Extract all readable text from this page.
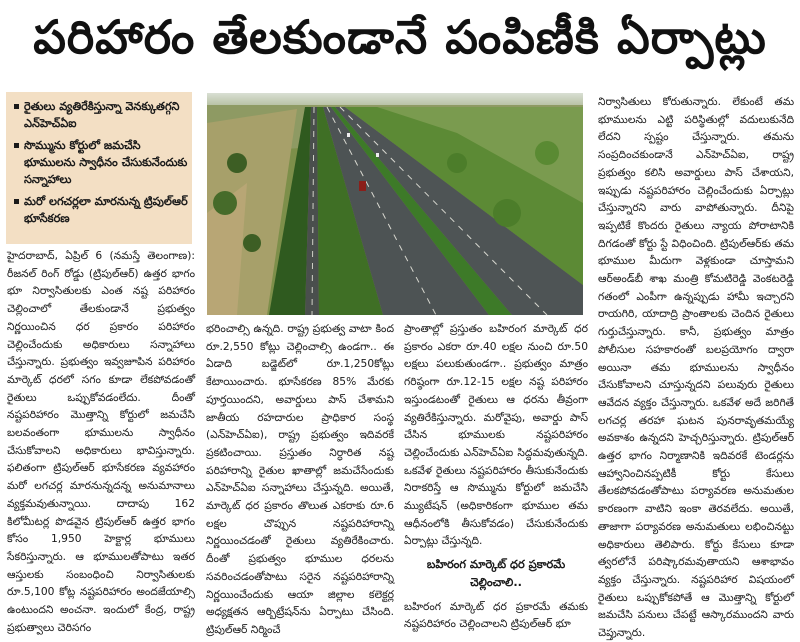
పరిహారం తేలకుండానే పంపిణీకి ఏర్పాట్లు
రైతులు వ్యతిరేకిస్తున్నా వెనక్కుతగ్గని ఎన్‌హెచ్‌ఏఐ
సొమ్మును కోర్టులో జమచేసి భూములను స్వాధీనం చేసుకునేందుకు సన్నాహాలు
మరో లగచర్లలా మారనున్న ట్రిపుల్‌ఆర్‌ భూసేకరణ

హైదరాబాద్‌, ఏప్రిల్‌ 6 (నమస్తే తెలంగాణ): రీజనల్‌ రింగ్‌ రోడ్డు (ట్రిపుల్‌ఆర్‌) ఉత్తర భాగం భూ నిర్వాసితులకు ఎంత నష్ట పరిహారం చెల్లించాలో తేలకుండానే ప్రభుత్వం నిర్ణయించిన ధర ప్రకారం పరిహారం చెల్లించేందుకు అధికారులు సన్నాహాలు చేస్తున్నారు. ప్రభుత్వం ఇవ్వజూపిన పరిహారం మార్కెట్‌ ధరలో సగం కూడా లేకపోవడంతో రైతులు ఒప్పుకోవడంలేదు. దీంతో నష్టపరిహారం మొత్తాన్ని కోర్టులో జమచేసి బలవంతంగా భూములను స్వాధీనం చేసుకోవాలని అధికారులు భావిస్తున్నారు. ఫలితంగా ట్రిపుల్‌ఆర్‌ భూసేకరణ వ్యవహారం మరో లగచర్ల మారనున్నదన్న అనుమానాలు వ్యక్తమవుతున్నాయి. దాదాపు 162 కిలోమీటర్ల పొడవైన ట్రిపుల్‌ఆర్‌ ఉత్తర భాగం కోసం 1,950 హెక్టార్ల భూములు సేకరిస్తున్నారు. ఆ భూములతోపాటు ఇతర ఆస్తులకు సంబంధించి నిర్వాసితులకు రూ.5,100 కోట్ల నష్టపరిహారం అందజేయాల్సి ఉంటుందని అంచనా. ఇందులో కేంద్ర, రాష్ట్ర ప్రభుత్వాలు చెరిసగం

భరించాల్సి ఉన్నది. రాష్ట్ర ప్రభుత్వ వాటా కింద రూ.2,550 కోట్లు చెల్లించాల్సి ఉండగా.. ఈ ఏడాది బడ్జెట్‌లో రూ.1,250కోట్లు కేటాయించారు. భూసేకరణ 85% మేరకు పూర్తయిందని, అవార్డులు పాస్‌ చేశామని జాతీయ రహదారుల ప్రాధికార సంస్థ (ఎన్‌హెచ్‌ఏఐ), రాష్ట్ర ప్రభుత్వం ఇదివరకే ప్రకటించాయి. ప్రస్తుతం నిర్ధారిత నష్ట పరిహారాన్ని రైతుల ఖాతాల్లో జమచేసేందుకు ఎన్‌హెచ్‌ఏఐ సన్నాహాలు చేస్తున్నది. అయితే, మార్కెట్‌ ధర ప్రకారం తొలుత ఎకరాకు రూ.6 లక్షల చొప్పున నష్టపరిహారాన్ని నిర్ణయించడంతో రైతులు వ్యతిరేకించారు. దీంతో ప్రభుత్వం భూముల ధరలను సవరించడంతోపాటు సరైన నష్టపరిహారాన్ని నిర్ణయించేందుకు ఆయా జిల్లాల కలెక్టర్ల అధ్యక్షతన ఆర్బిట్రేషన్‌ను ఏర్పాటు చేసింది. ట్రిపుల్‌ఆర్‌ నిర్మించే

ప్రాంతాల్లో ప్రస్తుతం బహిరంగ మార్కెట్‌ ధర ప్రకారం ఎకరా రూ.40 లక్షల నుంచి రూ.50 లక్షలు పలుకుతుండగా.. ప్రభుత్వం మాత్రం గరిష్ఠంగా రూ.12-15 లక్షల నష్ట పరిహారం ఇస్తుండటంతో రైతులు ఆ ధరను తీవ్రంగా వ్యతిరేకిస్తున్నారు. మరోవైపు, అవార్డు పాస్‌ చేసిన భూములకు నష్టపరిహారం చెల్లించేందుకు ఎన్‌హెచ్‌ఏఐ సిద్ధమవుతున్నది. ఒకవేళ రైతులు నష్టపరిహారం తీసుకునేందుకు నిరాకరిస్తే ఆ సొమ్మును కోర్టులో జమచేసి మ్యుటేషన్‌ (అధికారికంగా భూముల తమ ఆధీనంలోకి తీసుకోవడం) చేసుకునేందుకు ఏర్పాట్లు చేస్తున్నది.

బహిరంగ మార్కెట్‌ ధర ప్రకారమే చెల్లించాలి..

బహిరంగ మార్కెట్‌ ధర ప్రకారమే తమకు నష్టపరిహారం చెల్లించాలని ట్రిపుల్‌ఆర్‌ భూ

నిర్వాసితులు కోరుతున్నారు. లేకుంటే తమ భూములను ఎట్టి పరిస్థితుల్లో వదులుకునేది లేదని స్పష్టం చేస్తున్నారు. తమను సంప్రదించకుండానే ఎన్‌హెచ్‌ఏఐ, రాష్ట్ర ప్రభుత్వం కలిసి అవార్డులు పాస్‌ చేశాయని, ఇప్పుడు నష్టపరిహారం చెల్లించేందుకు ఏర్పాట్లు చేస్తున్నారని వారు వాపోతున్నారు. దీనిపై ఇప్పటికే కొందరు రైతులు న్యాయ పోరాటానికి దిగడంతో కోర్టు స్టే విధించింది. ట్రిపుల్‌ఆర్‌కు తమ భూముల మీదుగా వెళ్లకుండా చూస్తామని ఆర్‌అండ్‌బీ శాఖ మంత్రి కోమటిరెడ్డి వెంకటరెడ్డి గతంలో ఎంపీగా ఉన్నప్పుడు హామీ ఇచ్చారని రాయగిరి, యాదాద్రి ప్రాంతాలకు చెందిన రైతులు గుర్తుచేస్తున్నారు. కానీ, ప్రభుత్వం మాత్రం పోలీసుల సహకారంతో బలప్రయోగం ద్వారా అయినా తమ భూములను స్వాధీనం చేసుకోవాలని చూస్తున్నదని పలువురు రైతులు ఆవేదన వ్యక్తం చేస్తున్నారు. ఒకవేళ అదే జరిగితే లగచర్ల తరహా ఘటన పునరావృతమయ్యే అవకాశం ఉన్నదని హెచ్చరిస్తున్నారు. ట్రిపుల్‌ఆర్‌ ఉత్తర భాగం నిర్మాణానికి ఇదివరకే టెండర్లను ఆహ్వానించినప్పటికీ కోర్టు కేసులు తేలకపోవడంతోపాటు పర్యావరణ అనుమతుల కారణంగా వాటిని ఇంకా తెరవలేదు. అయితే, తాజాగా పర్యావరణ అనుమతులు లభించినట్టు అధికారులు తెలిపారు. కోర్టు కేసులు కూడా త్వరలోనే పరిష్కారమవుతాయని ఆశాభావం వ్యక్తం చేస్తున్నారు. నష్టపరిహార విషయంలో రైతులు ఒప్పుకోకపోతే ఆ మొత్తాన్ని కోర్టులో జమచేసి పనులు చేపట్టే ఆస్కారముందని వారు చెప్తున్నారు.
